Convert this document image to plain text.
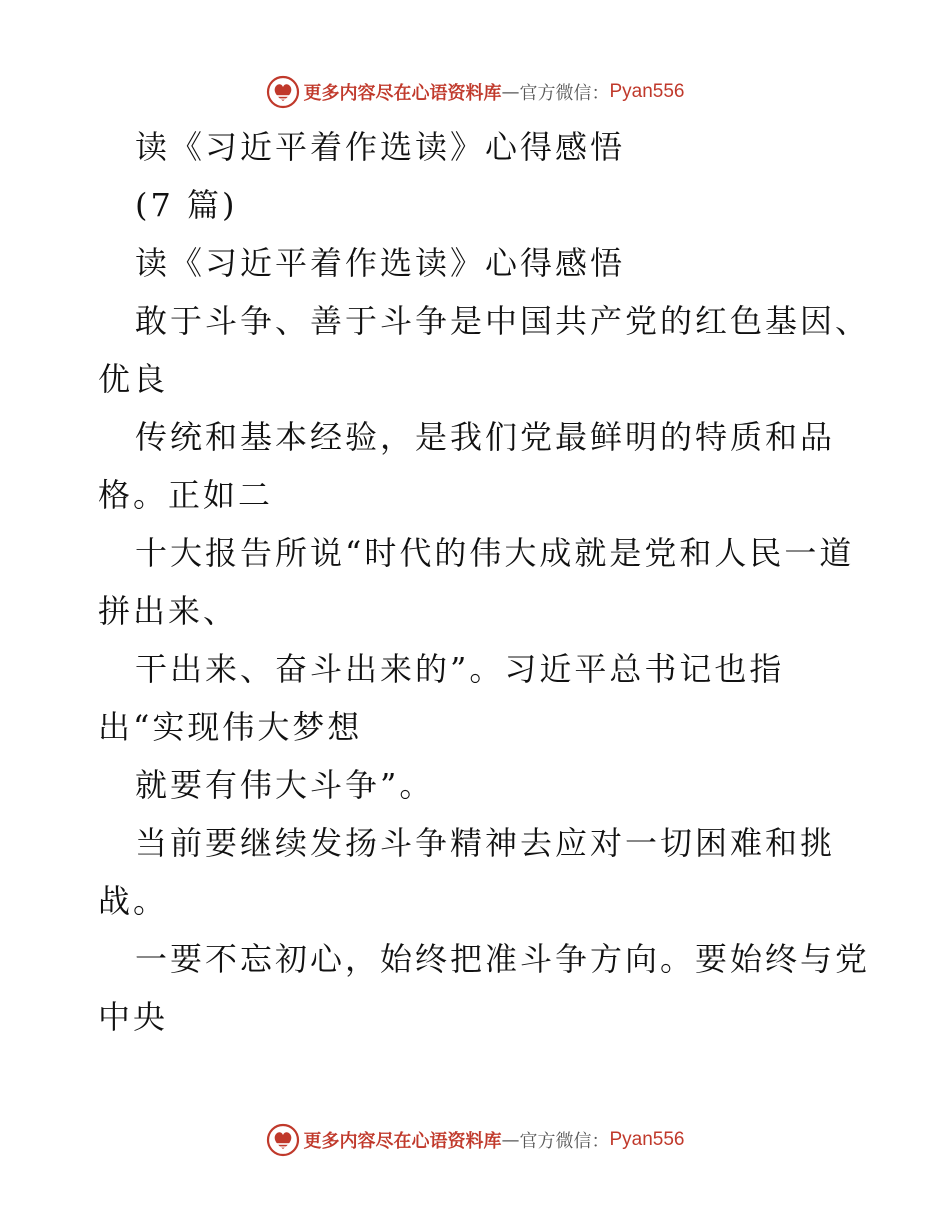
更多内容尽在心语资料库 — 官方微信： Pyan556
读《习近平着作选读》心得感悟
(7 篇)
读《习近平着作选读》心得感悟
敢于斗争、善于斗争是中国共产党的红色基因、
优良
传统和基本经验，是我们党最鲜明的特质和品
格。正如二
十大报告所说“时代的伟大成就是党和人民一道
拼出来、
干出来、奋斗出来的”。习近平总书记也指
出“实现伟大梦想
就要有伟大斗争”。
当前要继续发扬斗争精神去应对一切困难和挑
战。
一要不忘初心，始终把准斗争方向。要始终与党
中央
更多内容尽在心语资料库 — 官方微信： Pyan556
